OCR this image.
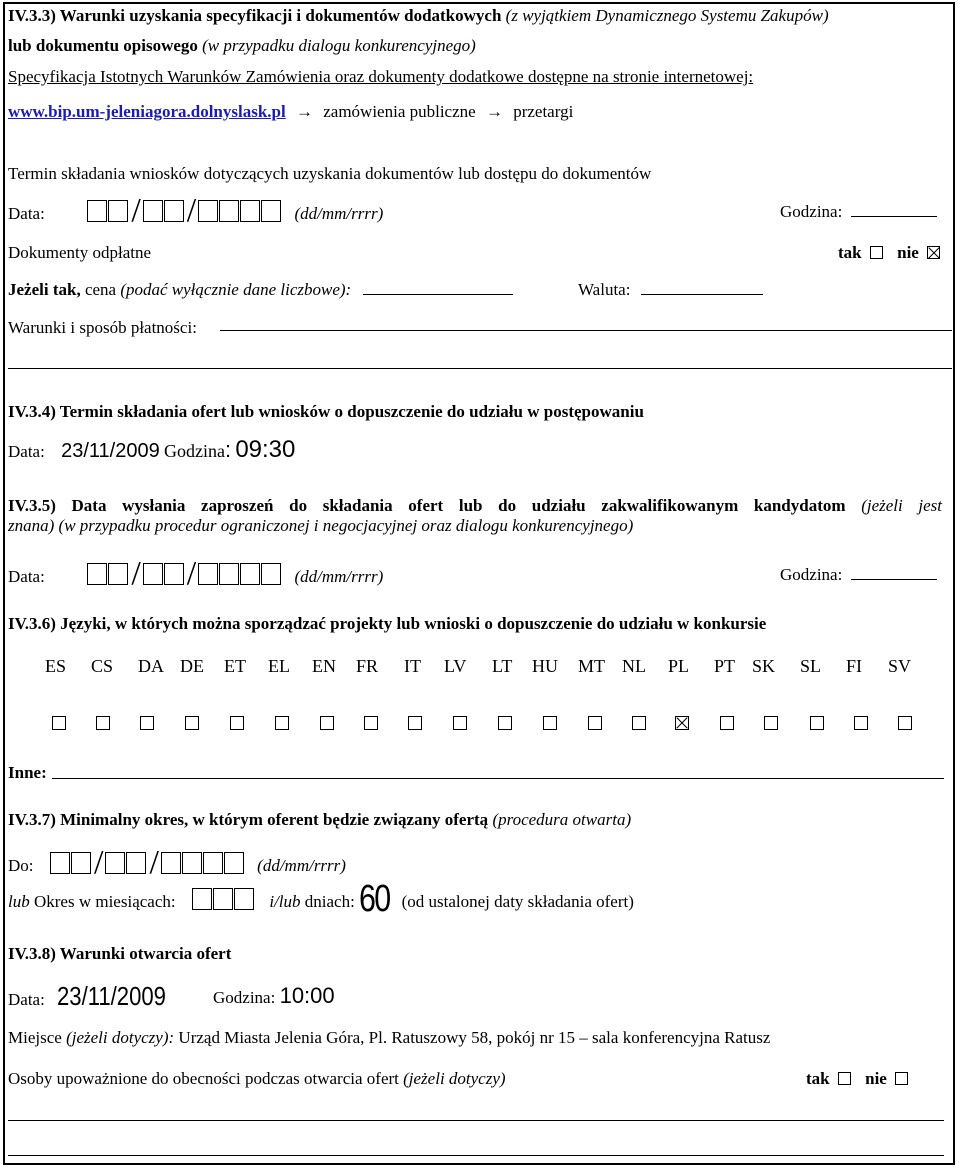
IV.3.3) Warunki uzyskania specyfikacji i dokumentów dodatkowych (z wyjątkiem Dynamicznego Systemu Zakupów)
lub dokumentu opisowego (w przypadku dialogu konkurencyjnego)
Specyfikacja Istotnych Warunków Zamówienia oraz dokumenty dodatkowe dostępne na stronie internetowej:
www.bip.um-jeleniagora.dolnyslask.pl → zamówienia publiczne → przetargi
Termin składania wniosków dotyczących uzyskania dokumentów lub dostępu do dokumentów
Data:	/ /	(dd/mm/rrrr)	Godzina:
Dokumenty odpłatne	tak nie
Jeżeli tak, cena (podać wyłącznie dane liczbowe):	Waluta:
Warunki i sposób płatności:
IV.3.4) Termin składania ofert lub wniosków o dopuszczenie do udziału w postępowaniu
Data: 23/11/2009 Godzina: 09:30
IV.3.5) Data wysłania zaproszeń do składania ofert lub do udziału zakwalifikowanym kandydatom (jeżeli jest
znana) (w przypadku procedur ograniczonej i negocjacyjnej oraz dialogu konkurencyjnego)
Data:	/ /	(dd/mm/rrrr)	Godzina:
IV.3.6) Języki, w których można sporządzać projekty lub wnioski o dopuszczenie do udziału w konkursie
ES CS DA DE ET EL EN FR IT LV LT HU MT NL PL PT SK SL FI SV
Inne:
IV.3.7) Minimalny okres, w którym oferent będzie związany ofertą (procedura otwarta)
Do: / /	(dd/mm/rrrr)
lub Okres w miesiącach:	i/lub dniach: 60 (od ustalonej daty składania ofert)
IV.3.8) Warunki otwarcia ofert
Data: 23/11/2009	Godzina: 10:00
Miejsce (jeżeli dotyczy): Urząd Miasta Jelenia Góra, Pl. Ratuszowy 58, pokój nr 15 – sala konferencyjna Ratusz
Osoby upoważnione do obecności podczas otwarcia ofert (jeżeli dotyczy)	tak nie
